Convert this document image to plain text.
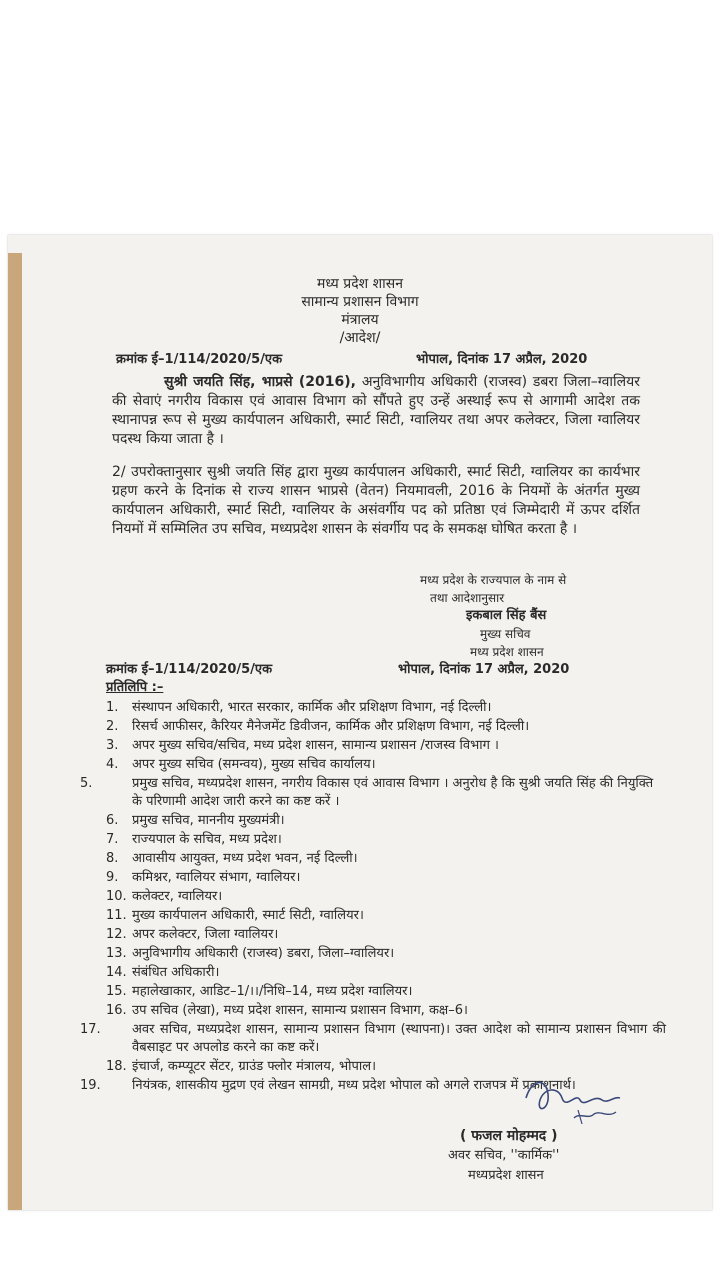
मध्य प्रदेश शासन
सामान्य प्रशासन विभाग
मंत्रालय
/आदेश/
क्रमांक ई–1/114/2020/5/एक	भोपाल, दिनांक 17 अप्रैल, 2020
सुश्री जयति सिंह, भाप्रसे (2016), अनुविभागीय अधिकारी (राजस्व) डबरा जिला–ग्वालियर की सेवाएं नगरीय विकास एवं आवास विभाग को सौंपते हुए उन्हें अस्थाई रूप से आगामी आदेश तक स्थानापन्न रूप से मुख्य कार्यपालन अधिकारी, स्मार्ट सिटी, ग्वालियर तथा अपर कलेक्टर, जिला ग्वालियर पदस्थ किया जाता है ।
2/ उपरोक्तानुसार सुश्री जयति सिंह द्वारा मुख्य कार्यपालन अधिकारी, स्मार्ट सिटी, ग्वालियर का कार्यभार ग्रहण करने के दिनांक से राज्य शासन भाप्रसे (वेतन) नियमावली, 2016 के नियमों के अंतर्गत मुख्य कार्यपालन अधिकारी, स्मार्ट सिटी, ग्वालियर के असंवर्गीय पद को प्रतिष्ठा एवं जिम्मेदारी में ऊपर दर्शित नियमों में सम्मिलित उप सचिव, मध्यप्रदेश शासन के संवर्गीय पद के समकक्ष घोषित करता है ।
मध्य प्रदेश के राज्यपाल के नाम से
तथा आदेशानुसार
इकबाल सिंह बैंस
मुख्य सचिव
मध्य प्रदेश शासन
क्रमांक ई–1/114/2020/5/एक	भोपाल, दिनांक 17 अप्रैल, 2020
प्रतिलिपि :–
1. संस्थापन अधिकारी, भारत सरकार, कार्मिक और प्रशिक्षण विभाग, नई दिल्ली।
2. रिसर्च आफीसर, कैरियर मैनेजमेंट डिवीजन, कार्मिक और प्रशिक्षण विभाग, नई दिल्ली।
3. अपर मुख्य सचिव/सचिव, मध्य प्रदेश शासन, सामान्य प्रशासन /राजस्व विभाग ।
4. अपर मुख्य सचिव (समन्वय), मुख्य सचिव कार्यालय।
5.	प्रमुख सचिव, मध्यप्रदेश शासन, नगरीय विकास एवं आवास विभाग । अनुरोध है कि सुश्री जयति सिंह की नियुक्ति के परिणामी आदेश जारी करने का कष्ट करें ।
6. प्रमुख सचिव, माननीय मुख्यमंत्री।
7. राज्यपाल के सचिव, मध्य प्रदेश।
8. आवासीय आयुक्त, मध्य प्रदेश भवन, नई दिल्ली।
9. कमिश्नर, ग्वालियर संभाग, ग्वालियर।
10. कलेक्टर, ग्वालियर।
11. मुख्य कार्यपालन अधिकारी, स्मार्ट सिटी, ग्वालियर।
12. अपर कलेक्टर, जिला ग्वालियर।
13. अनुविभागीय अधिकारी (राजस्व) डबरा, जिला–ग्वालियर।
14. संबंधित अधिकारी।
15. महालेखाकार, आडिट–1/।।/निधि–14, मध्य प्रदेश ग्वालियर।
16. उप सचिव (लेखा), मध्य प्रदेश शासन, सामान्य प्रशासन विभाग, कक्ष–6।
17. अवर सचिव, मध्यप्रदेश शासन, सामान्य प्रशासन विभाग (स्थापना)। उक्त आदेश को सामान्य प्रशासन विभाग की वैबसाइट पर अपलोड करने का कष्ट करें।
18. इंचार्ज, कम्प्यूटर सेंटर, ग्राउंड फ्लोर मंत्रालय, भोपाल।
19. नियंत्रक, शासकीय मुद्रण एवं लेखन सामग्री, मध्य प्रदेश भोपाल को अगले राजपत्र में प्रकाशनार्थ।
( फजल मोहम्मद )
अवर सचिव, ''कार्मिक''
मध्यप्रदेश शासन
